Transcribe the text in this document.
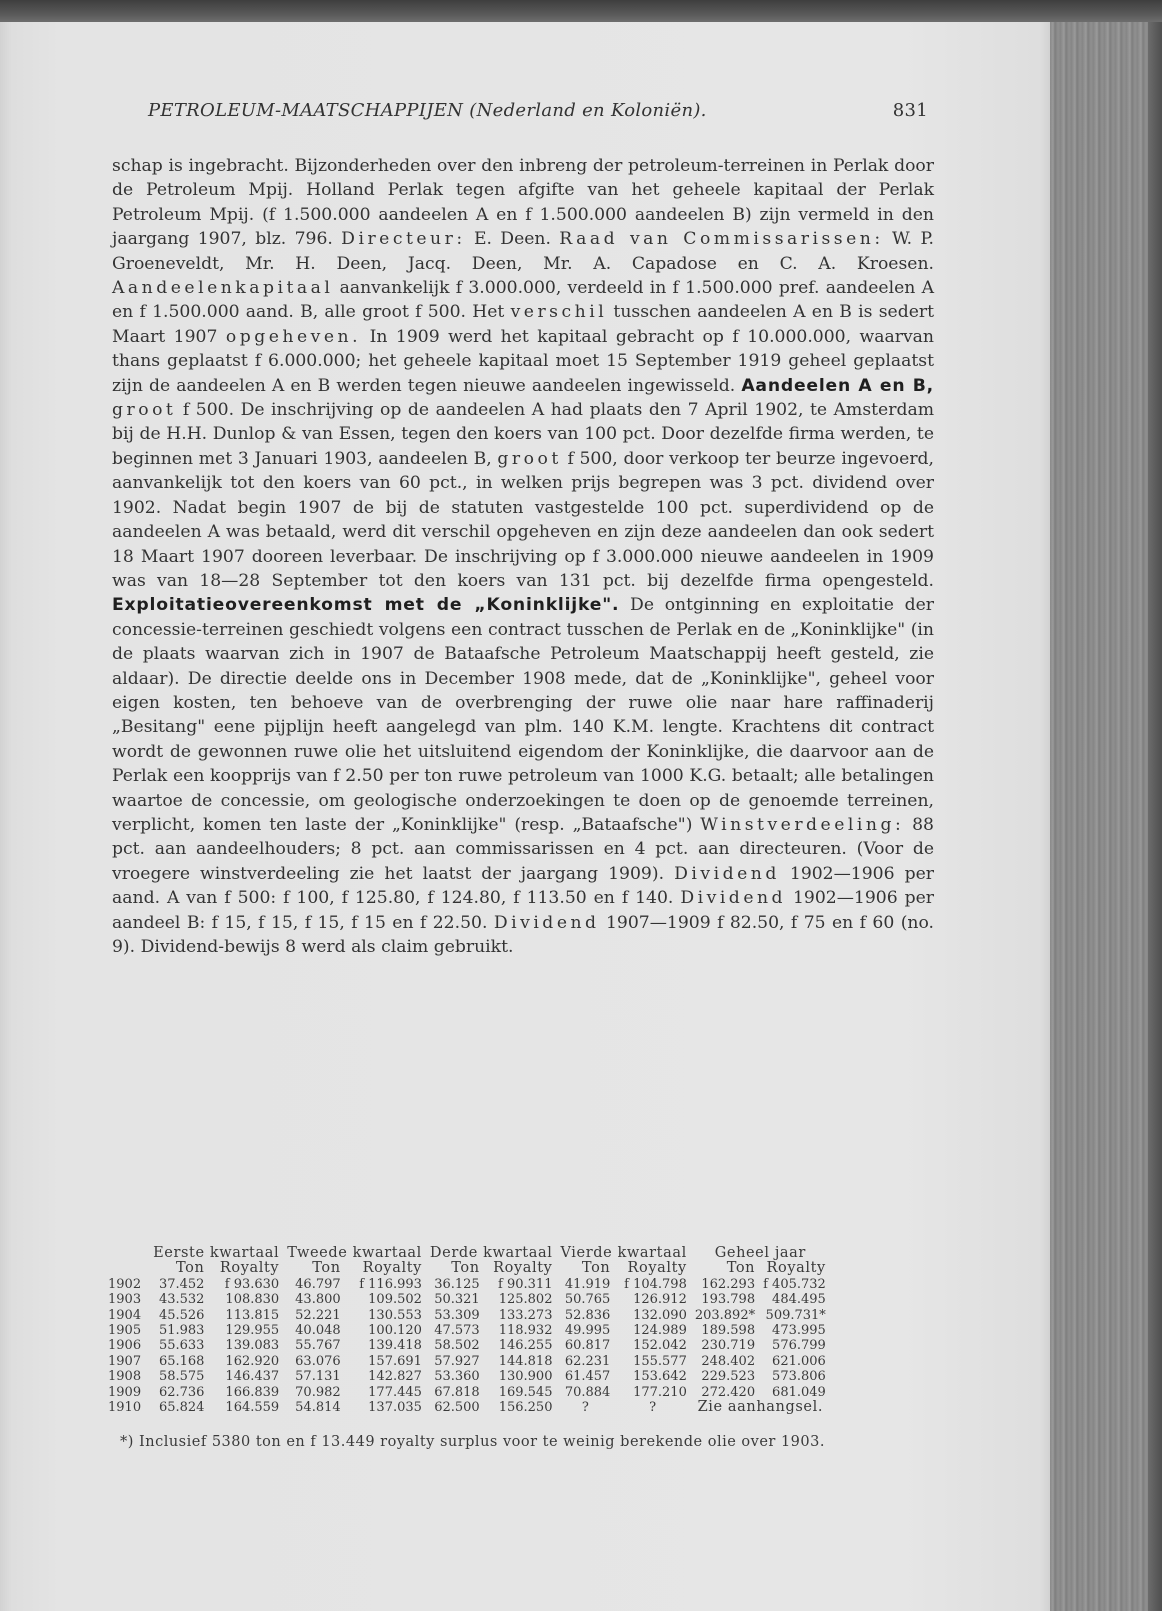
PETROLEUM-MAATSCHAPPIJEN (Nederland en Koloniën).	831

schap is ingebracht. Bijzonderheden over den inbreng der petroleum-terreinen in Perlak door de Petroleum Mpij. Holland Perlak tegen afgifte van het geheele kapitaal der Perlak Petroleum Mpij. (f 1.500.000 aandeelen A en f 1.500.000 aandeelen B) zijn vermeld in den jaargang 1907, blz. 796. Directeur: E. Deen. Raad van Commissarissen: W. P. Groeneveldt, Mr. H. Deen, Jacq. Deen, Mr. A. Capadose en C. A. Kroesen. Aandeelenkapitaal aanvankelijk f 3.000.000, verdeeld in f 1.500.000 pref. aandeelen A en f 1.500.000 aand. B, alle groot f 500. Het verschil tusschen aandeelen A en B is sedert Maart 1907 opgeheven. In 1909 werd het kapitaal gebracht op f 10.000.000, waarvan thans geplaatst f 6.000.000; het geheele kapitaal moet 15 September 1919 geheel geplaatst zijn de aandeelen A en B werden tegen nieuwe aandeelen ingewisseld. Aandeelen A en B, groot f 500. De inschrijving op de aandeelen A had plaats den 7 April 1902, te Amsterdam bij de H.H. Dunlop & van Essen, tegen den koers van 100 pct. Door dezelfde firma werden, te beginnen met 3 Januari 1903, aandeelen B, groot f 500, door verkoop ter beurze ingevoerd, aanvankelijk tot den koers van 60 pct., in welken prijs begrepen was 3 pct. dividend over 1902. Nadat begin 1907 de bij de statuten vastgestelde 100 pct. superdividend op de aandeelen A was betaald, werd dit verschil opgeheven en zijn deze aandeelen dan ook sedert 18 Maart 1907 dooreen leverbaar. De inschrijving op f 3.000.000 nieuwe aandeelen in 1909 was van 18—28 September tot den koers van 131 pct. bij dezelfde firma opengesteld. Exploitatieovereenkomst met de „Koninklijke". De ontginning en exploitatie der concessie-terreinen geschiedt volgens een contract tusschen de Perlak en de „Koninklijke" (in de plaats waarvan zich in 1907 de Bataafsche Petroleum Maatschappij heeft gesteld, zie aldaar). De directie deelde ons in December 1908 mede, dat de „Koninklijke", geheel voor eigen kosten, ten behoeve van de overbrenging der ruwe olie naar hare raffinaderij „Besitang" eene pijplijn heeft aangelegd van plm. 140 K.M. lengte. Krachtens dit contract wordt de gewonnen ruwe olie het uitsluitend eigendom der Koninklijke, die daarvoor aan de Perlak een koopprijs van f 2.50 per ton ruwe petroleum van 1000 K.G. betaalt; alle betalingen waartoe de concessie, om geologische onderzoekingen te doen op de genoemde terreinen, verplicht, komen ten laste der „Koninklijke" (resp. „Bataafsche") Winstverdeeling: 88 pct. aan aandeelhouders; 8 pct. aan commissarissen en 4 pct. aan directeuren. (Voor de vroegere winstverdeeling zie het laatst der jaargang 1909). Dividend 1902—1906 per aand. A van f 500: f 100, f 125.80, f 124.80, f 113.50 en f 140. Dividend 1902—1906 per aandeel B: f 15, f 15, f 15, f 15 en f 22.50. Dividend 1907—1909 f 82.50, f 75 en f 60 (no. 9). Dividend-bewijs 8 werd als claim gebruikt.

	Eerste kwartaal		Tweede kwartaal		Derde kwartaal		Vierde kwartaal		Geheel jaar	
	Ton	Royalty	Ton	Royalty	Ton	Royalty	Ton	Royalty	Ton	Royalty
1902	37.452	f 93.630	46.797	f 116.993	36.125	f 90.311	41.919	f 104.798	162.293	f 405.732
1903	43.532	108.830	43.800	109.502	50.321	125.802	50.765	126.912	193.798	484.495
1904	45.526	113.815	52.221	130.553	53.309	133.273	52.836	132.090	203.892*	509.731*
1905	51.983	129.955	40.048	100.120	47.573	118.932	49.995	124.989	189.598	473.995
1906	55.633	139.083	55.767	139.418	58.502	146.255	60.817	152.042	230.719	576.799
1907	65.168	162.920	63.076	157.691	57.927	144.818	62.231	155.577	248.402	621.006
1908	58.575	146.437	57.131	142.827	53.360	130.900	61.457	153.642	229.523	573.806
1909	62.736	166.839	70.982	177.445	67.818	169.545	70.884	177.210	272.420	681.049
1910	65.824	164.559	54.814	137.035	62.500	156.250	?	?	Zie aanhangsel.	
*) Inclusief 5380 ton en f 13.449 royalty surplus voor te weinig berekende olie over 1903.
